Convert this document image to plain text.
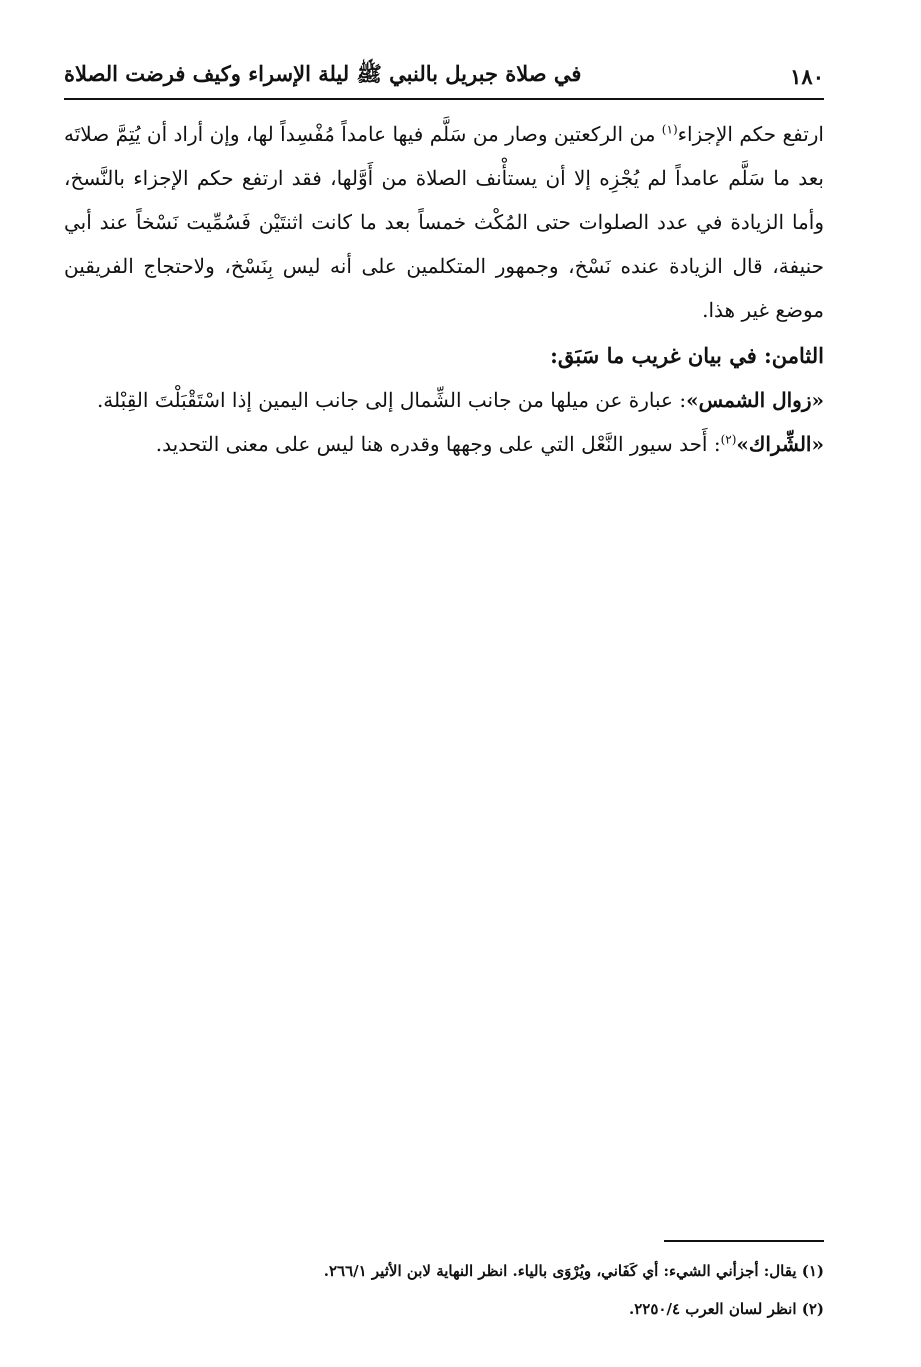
١٨٠
في صلاة جبريل بالنبي ﷺ ليلة الإسراء وكيف فرضت الصلاة

ارتفع حكم الإجزاء$^{(١)}$ من الركعتين وصار من سَلَّم فيها عامداً مُفْسِداً لها، وإن أراد أن يُتِمَّ صلاتَه بعد ما سَلَّم عامداً لم يُجْزِه إلا أن يستأْنف الصلاة من أَوَّلها، فقد ارتفع حكم الإجزاء بالنَّسخ، وأما الزيادة في عدد الصلوات حتى المُكْث خمساً بعد ما كانت اثنتَيْن فَسُمِّيت نَسْخاً عند أبي حنيفة، قال الزيادة عنده نَسْخ، وجمهور المتكلمين على أنه ليس بِنَسْخ، ولاحتجاج الفريقين موضع غير هذا.

الثامن: في بيان غريب ما سَبَق:

«زوال الشمس»: عبارة عن ميلها من جانب الشِّمال إلى جانب اليمين إذا اسْتَقْبَلْتَ القِبْلة.

«الشِّراك»$^{(٢)}$: أَحد سيور النَّعْل التي على وجهها وقدره هنا ليس على معنى التحديد.

(١) يقال: أجزأني الشيء: أي كَفَاني، ويُرْوَى بالياء. انظر النهاية لابن الأثير ٢٦٦/١.

(٢) انظر لسان العرب ٢٢٥٠/٤.
